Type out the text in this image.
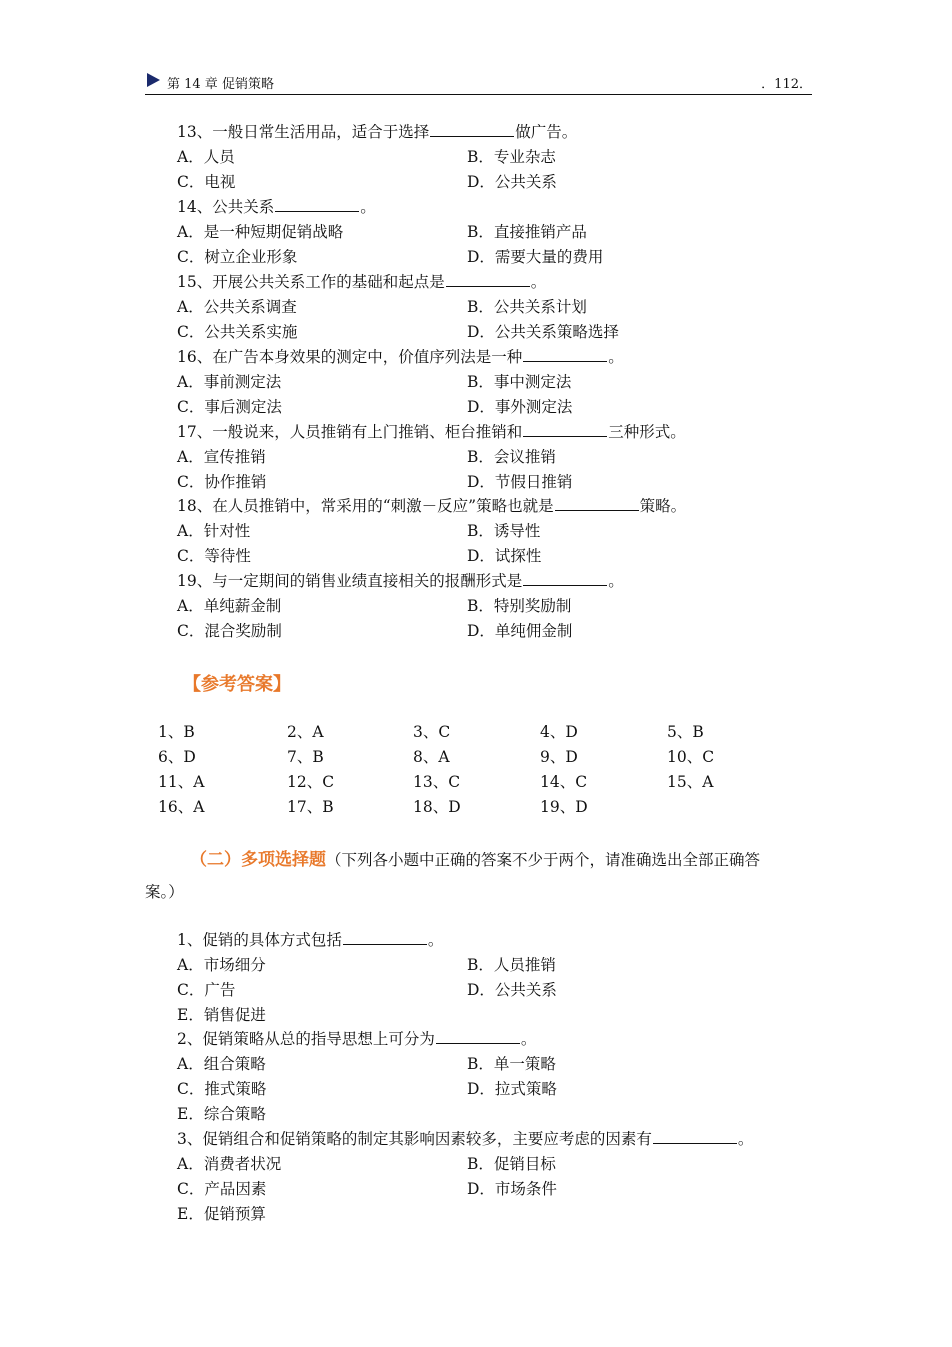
第 14 章 促销策略	．112．
13、一般日常生活用品，适合于选择	做广告。
A．人员	B．专业杂志
C．电视	D．公共关系
14、公共关系	。
A．是一种短期促销战略	B．直接推销产品
C．树立企业形象	D．需要大量的费用
15、开展公共关系工作的基础和起点是	。
A．公共关系调查	B．公共关系计划
C．公共关系实施	D．公共关系策略选择
16、在广告本身效果的测定中，价值序列法是一种	。
A．事前测定法	B．事中测定法
C．事后测定法	D．事外测定法
17、一般说来，人员推销有上门推销、柜台推销和	三种形式。
A．宣传推销	B．会议推销
C．协作推销	D．节假日推销
18、在人员推销中，常采用的“刺激－反应”策略也就是	策略。
A．针对性	B．诱导性
C．等待性	D．试探性
19、与一定期间的销售业绩直接相关的报酬形式是	。
A．单纯薪金制	B．特别奖励制
C．混合奖励制	D．单纯佣金制
【参考答案】
1、B	2、A	3、C	4、D	5、B
6、D	7、B	8、A	9、D	10、C
11、A	12、C	13、C	14、C	15、A
16、A	17、B	18、D	19、D
（二）多项选择题（下列各小题中正确的答案不少于两个，请准确选出全部正确答
案。）
1、促销的具体方式包括	。
A．市场细分	B．人员推销
C．广告	D．公共关系
E．销售促进
2、促销策略从总的指导思想上可分为	。
A．组合策略	B．单一策略
C．推式策略	D．拉式策略
E．综合策略
3、促销组合和促销策略的制定其影响因素较多，主要应考虑的因素有	。
A．消费者状况	B．促销目标
C．产品因素	D．市场条件
E．促销预算
